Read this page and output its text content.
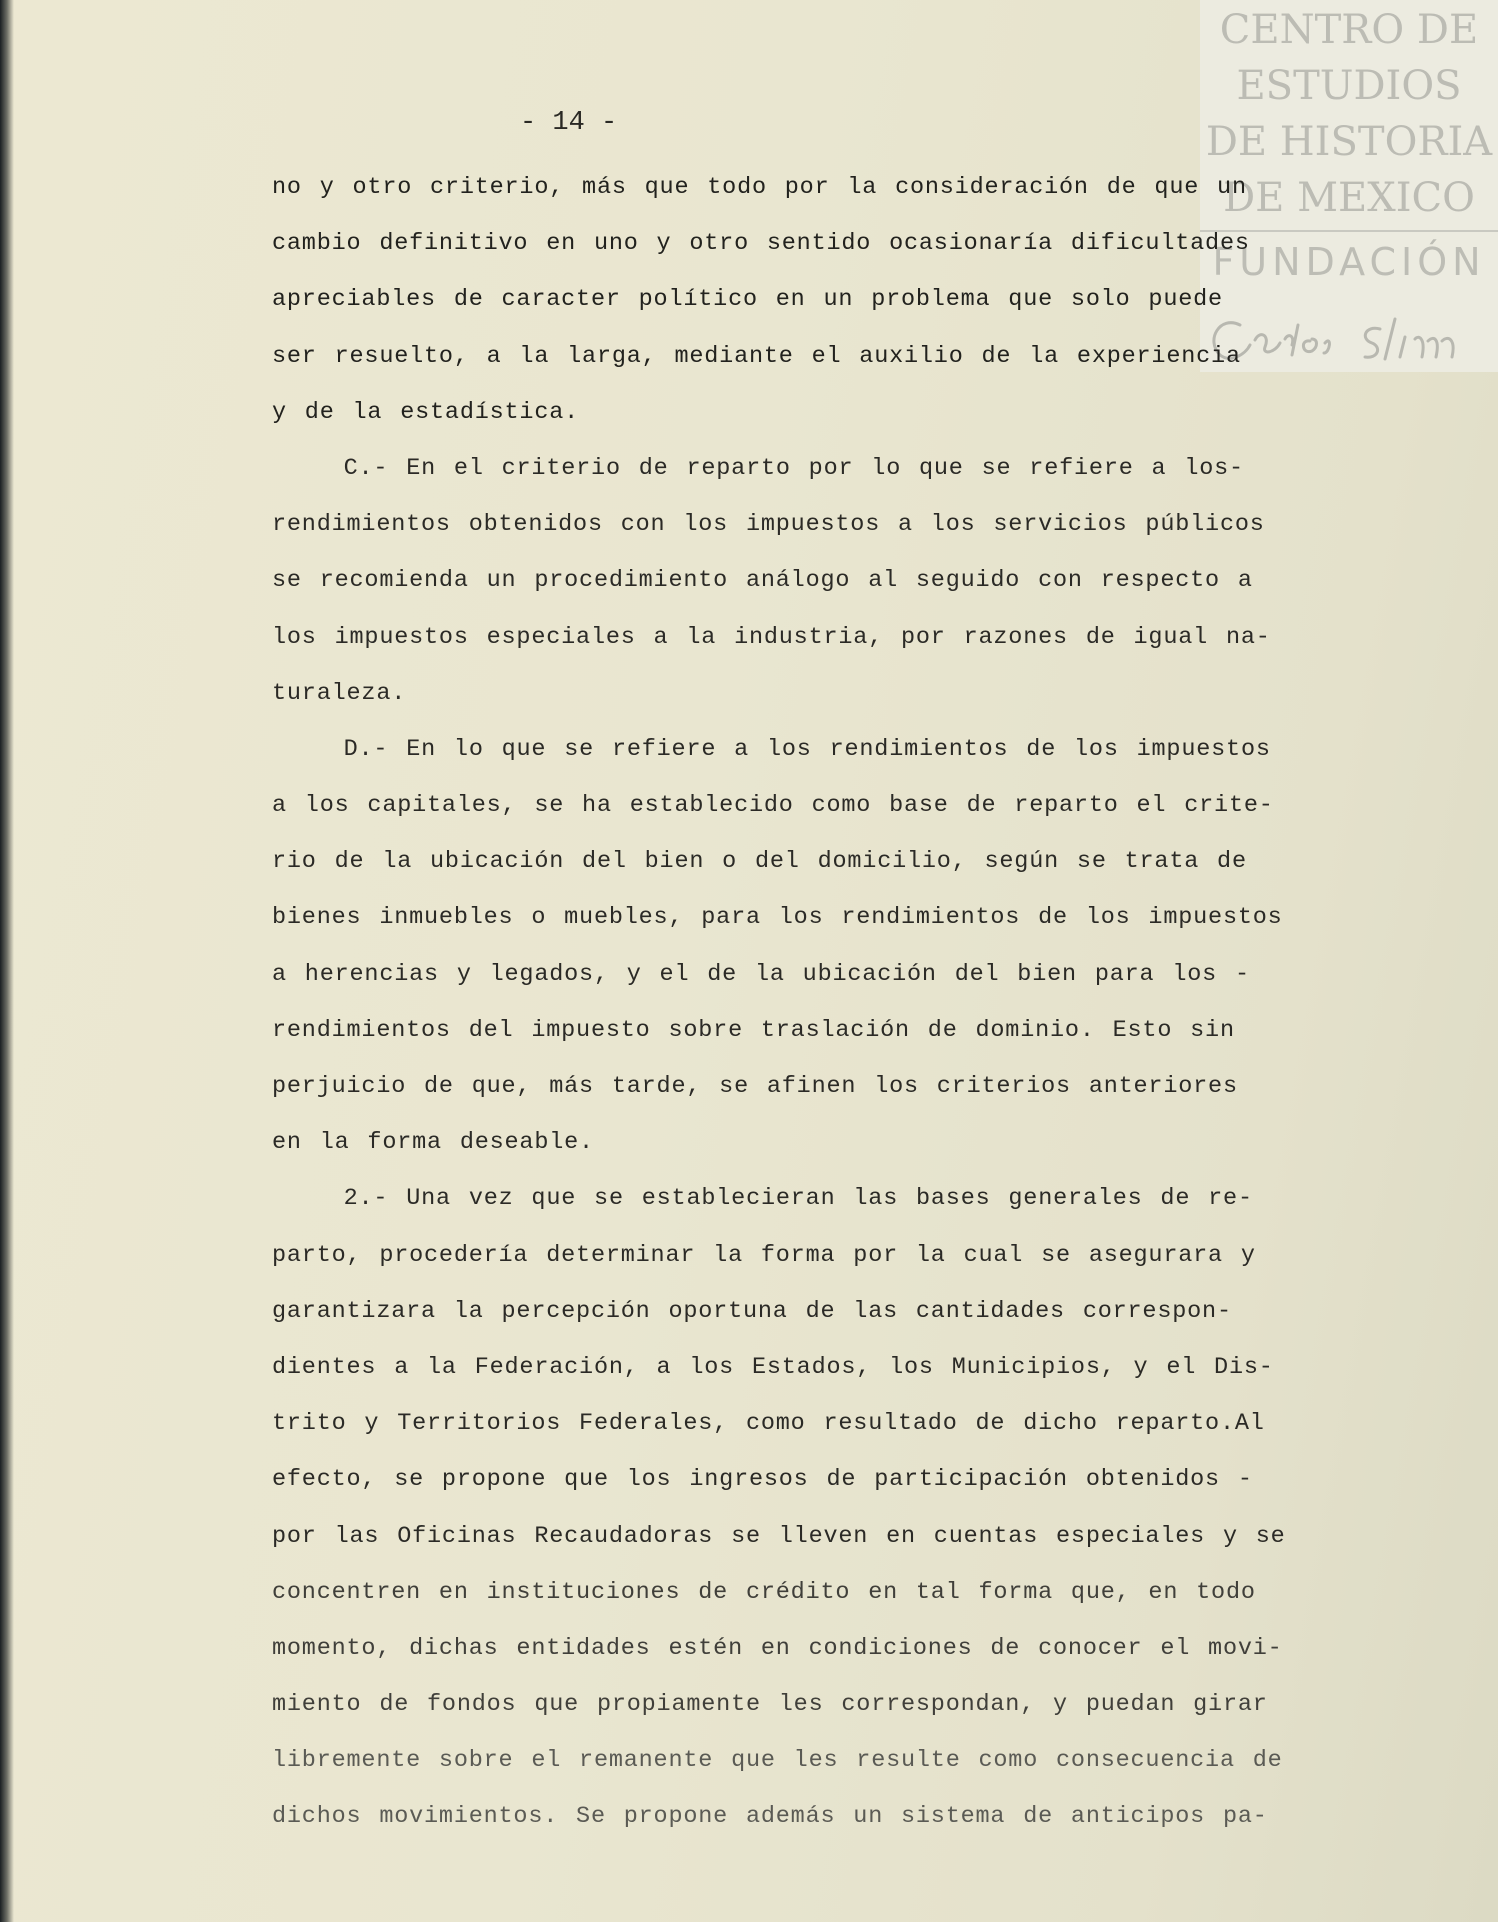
CENTRO DE
ESTUDIOS
DE HISTORIA
DE MEXICO
FUNDACIÓN
- 14 -
no y otro criterio, más que todo por la consideración de que un
cambio definitivo en uno y otro sentido ocasionaría dificultades
apreciables de caracter político en un problema que solo puede
ser resuelto, a la larga, mediante el auxilio de la experiencia
y de la estadística.
C.- En el criterio de reparto por lo que se refiere a los-
rendimientos obtenidos con los impuestos a los servicios públicos
se recomienda un procedimiento análogo al seguido con respecto a
los impuestos especiales a la industria, por razones de igual na-
turaleza.
D.- En lo que se refiere a los rendimientos de los impuestos
a los capitales, se ha establecido como base de reparto el crite-
rio de la ubicación del bien o del domicilio, según se trata de
bienes inmuebles o muebles, para los rendimientos de los impuestos
a herencias y legados, y el de la ubicación del bien para los -
rendimientos del impuesto sobre traslación de dominio. Esto sin
perjuicio de que, más tarde, se afinen los criterios anteriores
en la forma deseable.
2.- Una vez que se establecieran las bases generales de re-
parto, procedería determinar la forma por la cual se asegurara y
garantizara la percepción oportuna de las cantidades correspon-
dientes a la Federación, a los Estados, los Municipios, y el Dis-
trito y Territorios Federales, como resultado de dicho reparto.Al
efecto, se propone que los ingresos de participación obtenidos -
por las Oficinas Recaudadoras se lleven en cuentas especiales y se
concentren en instituciones de crédito en tal forma que, en todo
momento, dichas entidades estén en condiciones de conocer el movi-
miento de fondos que propiamente les correspondan, y puedan girar
libremente sobre el remanente que les resulte como consecuencia de
dichos movimientos. Se propone además un sistema de anticipos pa-
